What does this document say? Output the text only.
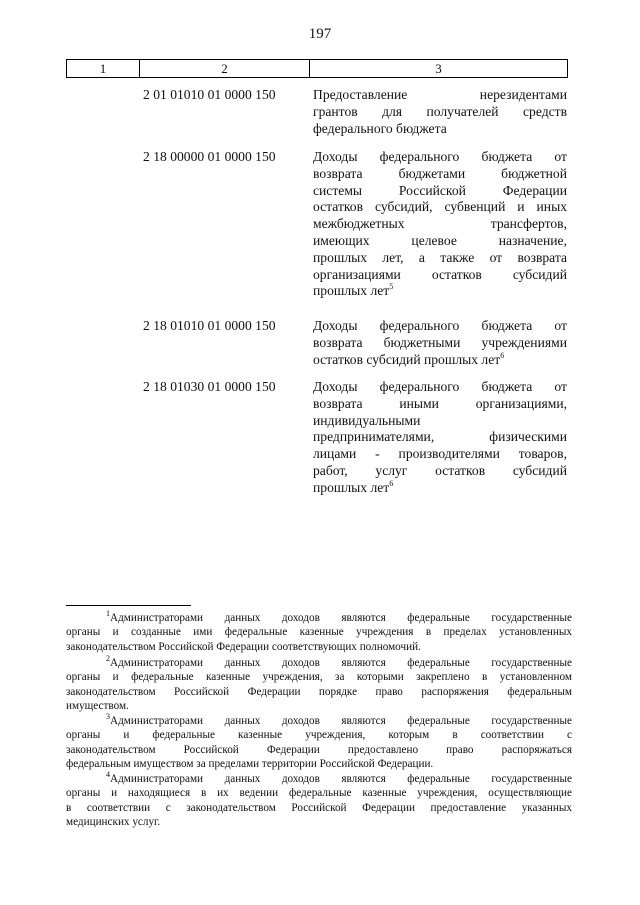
197
1	2	3
2 01 01010 01 0000 150	Предоставление нерезидентами
грантов для получателей средств
федерального бюджета
2 18 00000 01 0000 150	Доходы федерального бюджета от
возврата бюджетами бюджетной
системы Российской Федерации
остатков субсидий, субвенций и иных
межбюджетных трансфертов,
имеющих целевое назначение,
прошлых лет, а также от возврата
организациями остатков субсидий
прошлых лет$^5$
2 18 01010 01 0000 150	Доходы федерального бюджета от
возврата бюджетными учреждениями
остатков субсидий прошлых лет$^6$
2 18 01030 01 0000 150	Доходы федерального бюджета от
возврата иными организациями,
индивидуальными
предпринимателями, физическими
лицами - производителями товаров,
работ, услуг остатков субсидий
прошлых лет$^6$
$^1$Администраторами данных доходов являются федеральные государственные
органы и созданные ими федеральные казенные учреждения в пределах установленных
законодательством Российской Федерации соответствующих полномочий.
$^2$Администраторами данных доходов являются федеральные государственные
органы и федеральные казенные учреждения, за которыми закреплено в установленном
законодательством Российской Федерации порядке право распоряжения федеральным
имуществом.
$^3$Администраторами данных доходов являются федеральные государственные
органы и федеральные казенные учреждения, которым в соответствии с
законодательством Российской Федерации предоставлено право распоряжаться
федеральным имуществом за пределами территории Российской Федерации.
$^4$Администраторами данных доходов являются федеральные государственные
органы и находящиеся в их ведении федеральные казенные учреждения, осуществляющие
в соответствии с законодательством Российской Федерации предоставление указанных
медицинских услуг.
